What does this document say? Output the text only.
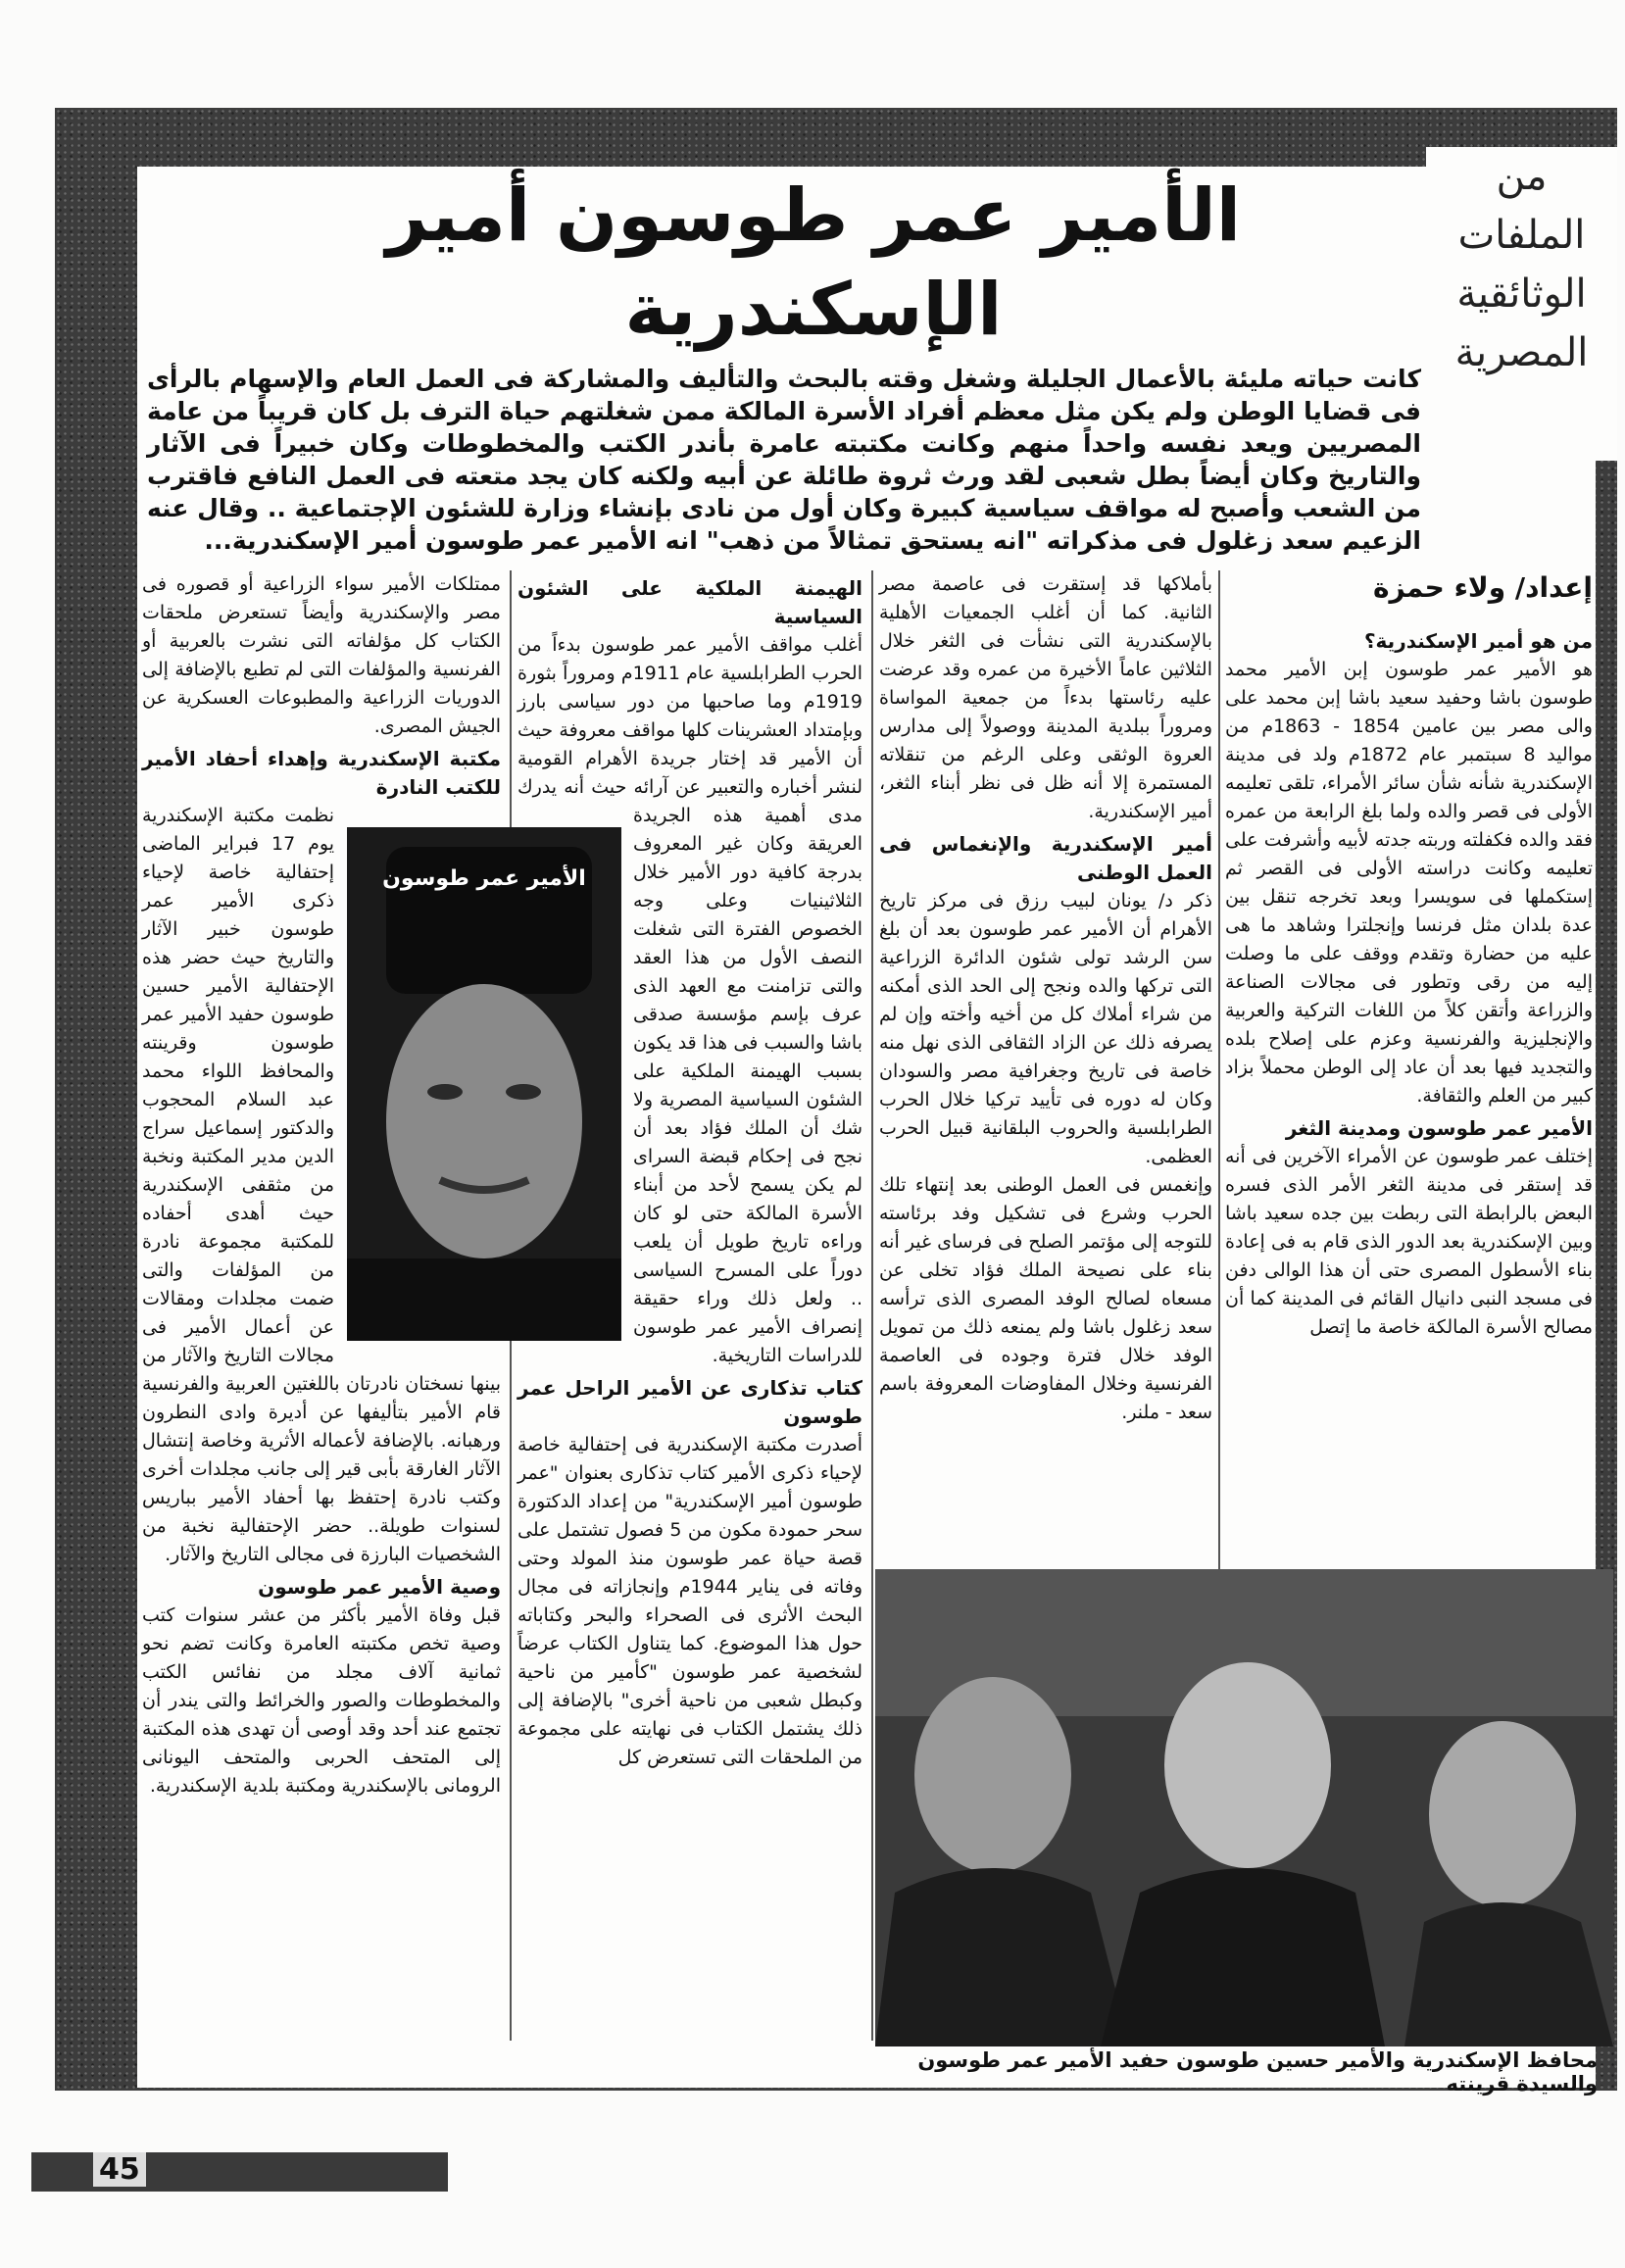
من
الملفات
الوثائقية
المصرية
الأمير عمر طوسون أمير الإسكندرية
كانت حياته مليئة بالأعمال الجليلة وشغل وقته بالبحث والتأليف والمشاركة فى العمل العام والإسهام بالرأى فى قضايا الوطن ولم يكن مثل معظم أفراد الأسرة المالكة ممن شغلتهم حياة الترف بل كان قريباً من عامة المصريين ويعد نفسه واحداً منهم وكانت مكتبته عامرة بأندر الكتب والمخطوطات وكان خبيراً فى الآثار والتاريخ وكان أيضاً بطل شعبى لقد ورث ثروة طائلة عن أبيه ولكنه كان يجد متعته فى العمل النافع فاقترب من الشعب وأصبح له مواقف سياسية كبيرة وكان أول من نادى بإنشاء وزارة للشئون الإجتماعية .. وقال عنه الزعيم سعد زغلول فى مذكراته "انه يستحق تمثالاً من ذهب" انه الأمير عمر طوسون أمير الإسكندرية...
إعداد/ ولاء حمزة
من هو أمير الإسكندرية؟

هو الأمير عمر طوسون إبن الأمير محمد طوسون باشا وحفيد سعيد باشا إبن محمد على والى مصر بين عامين 1854 - 1863م من مواليد 8 سبتمبر عام 1872م ولد فى مدينة الإسكندرية شأنه شأن سائر الأمراء، تلقى تعليمه الأولى فى قصر والده ولما بلغ الرابعة من عمره فقد والده فكفلته وربته جدته لأبيه وأشرفت على تعليمه وكانت دراسته الأولى فى القصر ثم إستكملها فى سويسرا وبعد تخرجه تنقل بين عدة بلدان مثل فرنسا وإنجلترا وشاهد ما هى عليه من حضارة وتقدم ووقف على ما وصلت إليه من رقى وتطور فى مجالات الصناعة والزراعة وأتقن كلاً من اللغات التركية والعربية والإنجليزية والفرنسية وعزم على إصلاح بلده والتجديد فيها بعد أن عاد إلى الوطن محملاً بزاد كبير من العلم والثقافة.

الأمير عمر طوسون ومدينة الثغر

إختلف عمر طوسون عن الأمراء الآخرين فى أنه قد إستقر فى مدينة الثغر الأمر الذى فسره البعض بالرابطة التى ربطت بين جده سعيد باشا وبين الإسكندرية بعد الدور الذى قام به فى إعادة بناء الأسطول المصرى حتى أن هذا الوالى دفن فى مسجد النبى دانيال القائم فى المدينة كما أن مصالح الأسرة المالكة خاصة ما إتصل

بأملاكها قد إستقرت فى عاصمة مصر الثانية. كما أن أغلب الجمعيات الأهلية بالإسكندرية التى نشأت فى الثغر خلال الثلاثين عاماً الأخيرة من عمره وقد عرضت عليه رئاستها بدءاً من جمعية المواساة ومروراً ببلدية المدينة ووصولاً إلى مدارس العروة الوثقى وعلى الرغم من تنقلاته المستمرة إلا أنه ظل فى نظر أبناء الثغر، أمير الإسكندرية.

أمير الإسكندرية والإنغماس فى العمل الوطنى

ذكر د/ يونان لبيب رزق فى مركز تاريخ الأهرام أن الأمير عمر طوسون بعد أن بلغ سن الرشد تولى شئون الدائرة الزراعية التى تركها والده ونجح إلى الحد الذى أمكنه من شراء أملاك كل من أخيه وأخته وإن لم يصرفه ذلك عن الزاد الثقافى الذى نهل منه خاصة فى تاريخ وجغرافية مصر والسودان وكان له دوره فى تأييد تركيا خلال الحرب الطرابلسية والحروب البلقانية قبيل الحرب العظمى.

وإنغمس فى العمل الوطنى بعد إنتهاء تلك الحرب وشرع فى تشكيل وفد برئاسته للتوجه إلى مؤتمر الصلح فى فرساى غير أنه بناء على نصيحة الملك فؤاد تخلى عن مسعاه لصالح الوفد المصرى الذى ترأسه سعد زغلول باشا ولم يمنعه ذلك من تمويل الوفد خلال فترة وجوده فى العاصمة الفرنسية وخلال المفاوضات المعروفة باسم سعد - ملنر.

الهيمنة الملكية على الشئون السياسية

أغلب مواقف الأمير عمر طوسون بدءاً من الحرب الطرابلسية عام 1911م ومروراً بثورة 1919م وما صاحبها من دور سياسى بارز وبإمتداد العشرينات كلها مواقف معروفة حيث أن الأمير قد إختار جريدة الأهرام القومية لنشر أخباره والتعبير عن آرائه حيث أنه يدرك مدى أهمية هذه الجريدة العريقة وكان غير المعروف بدرجة كافية دور الأمير خلال الثلاثينيات وعلى وجه الخصوص الفترة التى شغلت النصف الأول من هذا العقد والتى تزامنت مع العهد الذى عرف بإسم مؤسسة صدقى باشا والسبب فى هذا قد يكون بسبب الهيمنة الملكية على الشئون السياسية المصرية ولا شك أن الملك فؤاد بعد أن نجح فى إحكام قبضة السراى لم يكن يسمح لأحد من أبناء الأسرة المالكة حتى لو كان وراءه تاريخ طويل أن يلعب دوراً على المسرح السياسى .. ولعل ذلك وراء حقيقة إنصراف الأمير عمر طوسون للدراسات التاريخية.

كتاب تذكارى عن الأمير الراحل عمر طوسون

أصدرت مكتبة الإسكندرية فى إحتفالية خاصة لإحياء ذكرى الأمير كتاب تذكارى بعنوان "عمر طوسون أمير الإسكندرية" من إعداد الدكتورة سحر حمودة مكون من 5 فصول تشتمل على قصة حياة عمر طوسون منذ المولد وحتى وفاته فى يناير 1944م وإنجازاته فى مجال البحث الأثرى فى الصحراء والبحر وكتاباته حول هذا الموضوع. كما يتناول الكتاب عرضاً لشخصية عمر طوسون "كأمير من ناحية وكبطل شعبى من ناحية أخرى" بالإضافة إلى ذلك يشتمل الكتاب فى نهايته على مجموعة من الملحقات التى تستعرض كل

ممتلكات الأمير سواء الزراعية أو قصوره فى مصر والإسكندرية وأيضاً تستعرض ملحقات الكتاب كل مؤلفاته التى نشرت بالعربية أو الفرنسية والمؤلفات التى لم تطبع بالإضافة إلى الدوريات الزراعية والمطبوعات العسكرية عن الجيش المصرى.

مكتبة الإسكندرية وإهداء أحفاد الأمير للكتب النادرة

نظمت مكتبة الإسكندرية يوم 17 فبراير الماضى إحتفالية خاصة لإحياء ذكرى الأمير عمر طوسون خبير الآثار والتاريخ حيث حضر هذه الإحتفالية الأمير حسين طوسون حفيد الأمير عمر طوسون وقرينته والمحافظ اللواء محمد عبد السلام المحجوب والدكتور إسماعيل سراج الدين مدير المكتبة ونخبة من مثقفى الإسكندرية حيث أهدى أحفاده للمكتبة مجموعة نادرة من المؤلفات والتى ضمت مجلدات ومقالات عن أعمال الأمير فى مجالات التاريخ والآثار من بينها نسختان نادرتان باللغتين العربية والفرنسية قام الأمير بتأليفها عن أديرة وادى النطرون ورهبانه. بالإضافة لأعماله الأثرية وخاصة إنتشال الآثار الغارقة بأبى قير إلى جانب مجلدات أخرى وكتب نادرة إحتفظ بها أحفاد الأمير بباريس لسنوات طويلة.. حضر الإحتفالية نخبة من الشخصيات البارزة فى مجالى التاريخ والآثار.

وصية الأمير عمر طوسون

قبل وفاة الأمير بأكثر من عشر سنوات كتب وصية تخص مكتبته العامرة وكانت تضم نحو ثمانية آلاف مجلد من نفائس الكتب والمخطوطات والصور والخرائط والتى يندر أن تجتمع عند أحد وقد أوصى أن تهدى هذه المكتبة إلى المتحف الحربى والمتحف اليونانى الرومانى بالإسكندرية ومكتبة بلدية الإسكندرية.

الأمير عمر طوسون
محافظ الإسكندرية والأمير حسين طوسون حفيد الأمير عمر طوسون والسيدة قرينته
45
